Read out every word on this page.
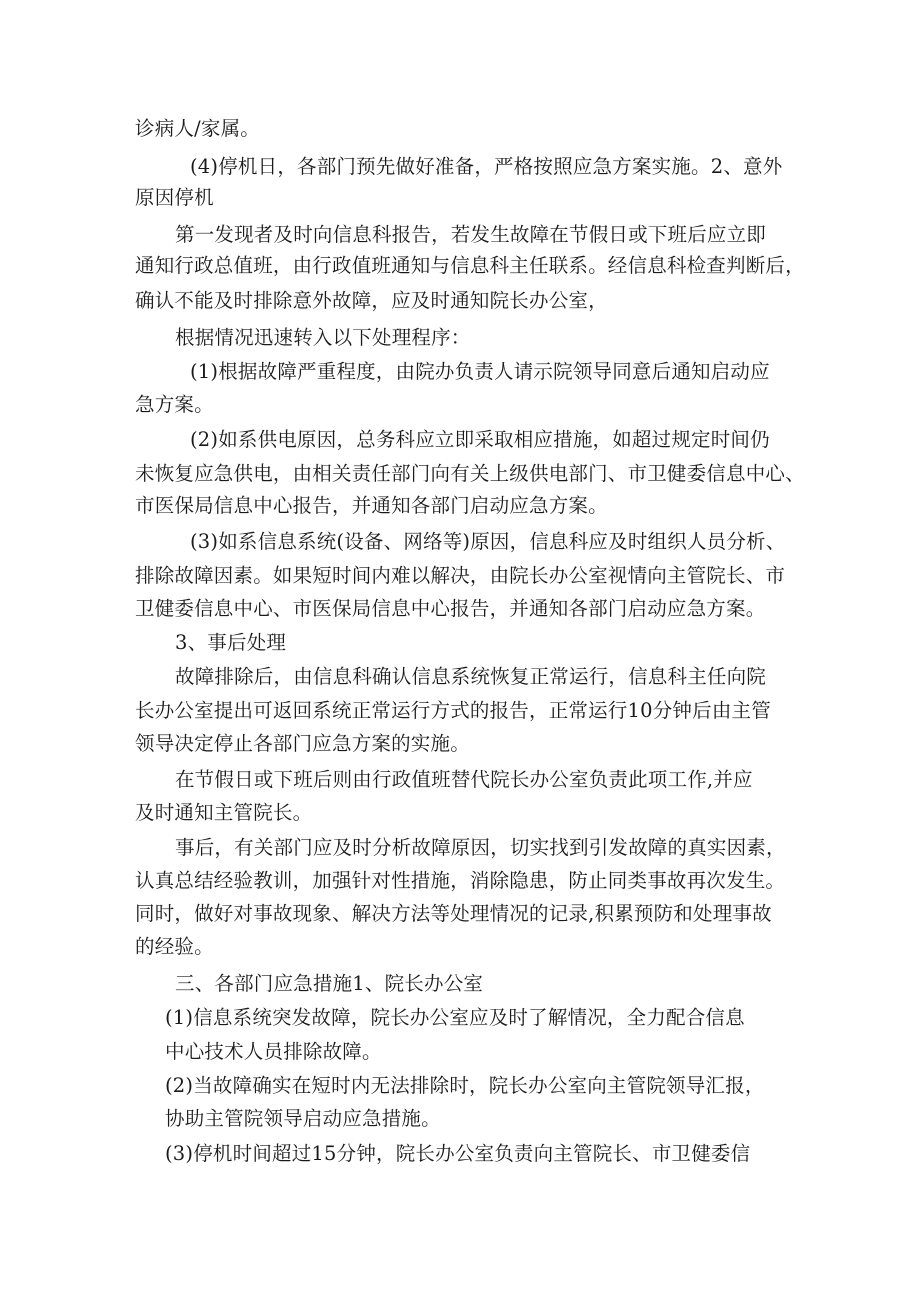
诊病人/家属。
(4)停机日，各部门预先做好准备，严格按照应急方案实施。2、意外
原因停机
第一发现者及时向信息科报告，若发生故障在节假日或下班后应立即
通知行政总值班，由行政值班通知与信息科主任联系。经信息科检查判断后，
确认不能及时排除意外故障，应及时通知院长办公室，
根据情况迅速转入以下处理程序：
(1)根据故障严重程度，由院办负责人请示院领导同意后通知启动应
急方案。
(2)如系供电原因，总务科应立即采取相应措施，如超过规定时间仍
未恢复应急供电，由相关责任部门向有关上级供电部门、市卫健委信息中心、
市医保局信息中心报告，并通知各部门启动应急方案。
(3)如系信息系统(设备、网络等)原因，信息科应及时组织人员分析、
排除故障因素。如果短时间内难以解决，由院长办公室视情向主管院长、市
卫健委信息中心、市医保局信息中心报告，并通知各部门启动应急方案。
3、事后处理
故障排除后，由信息科确认信息系统恢复正常运行，信息科主任向院
长办公室提出可返回系统正常运行方式的报告，正常运行10分钟后由主管
领导决定停止各部门应急方案的实施。
在节假日或下班后则由行政值班替代院长办公室负责此项工作,并应
及时通知主管院长。
事后，有关部门应及时分析故障原因，切实找到引发故障的真实因素，
认真总结经验教训，加强针对性措施，消除隐患，防止同类事故再次发生。
同时，做好对事故现象、解决方法等处理情况的记录,积累预防和处理事故
的经验。
三、各部门应急措施1、院长办公室
(1)信息系统突发故障，院长办公室应及时了解情况，全力配合信息
中心技术人员排除故障。
(2)当故障确实在短时内无法排除时，院长办公室向主管院领导汇报，
协助主管院领导启动应急措施。
(3)停机时间超过15分钟，院长办公室负责向主管院长、市卫健委信
